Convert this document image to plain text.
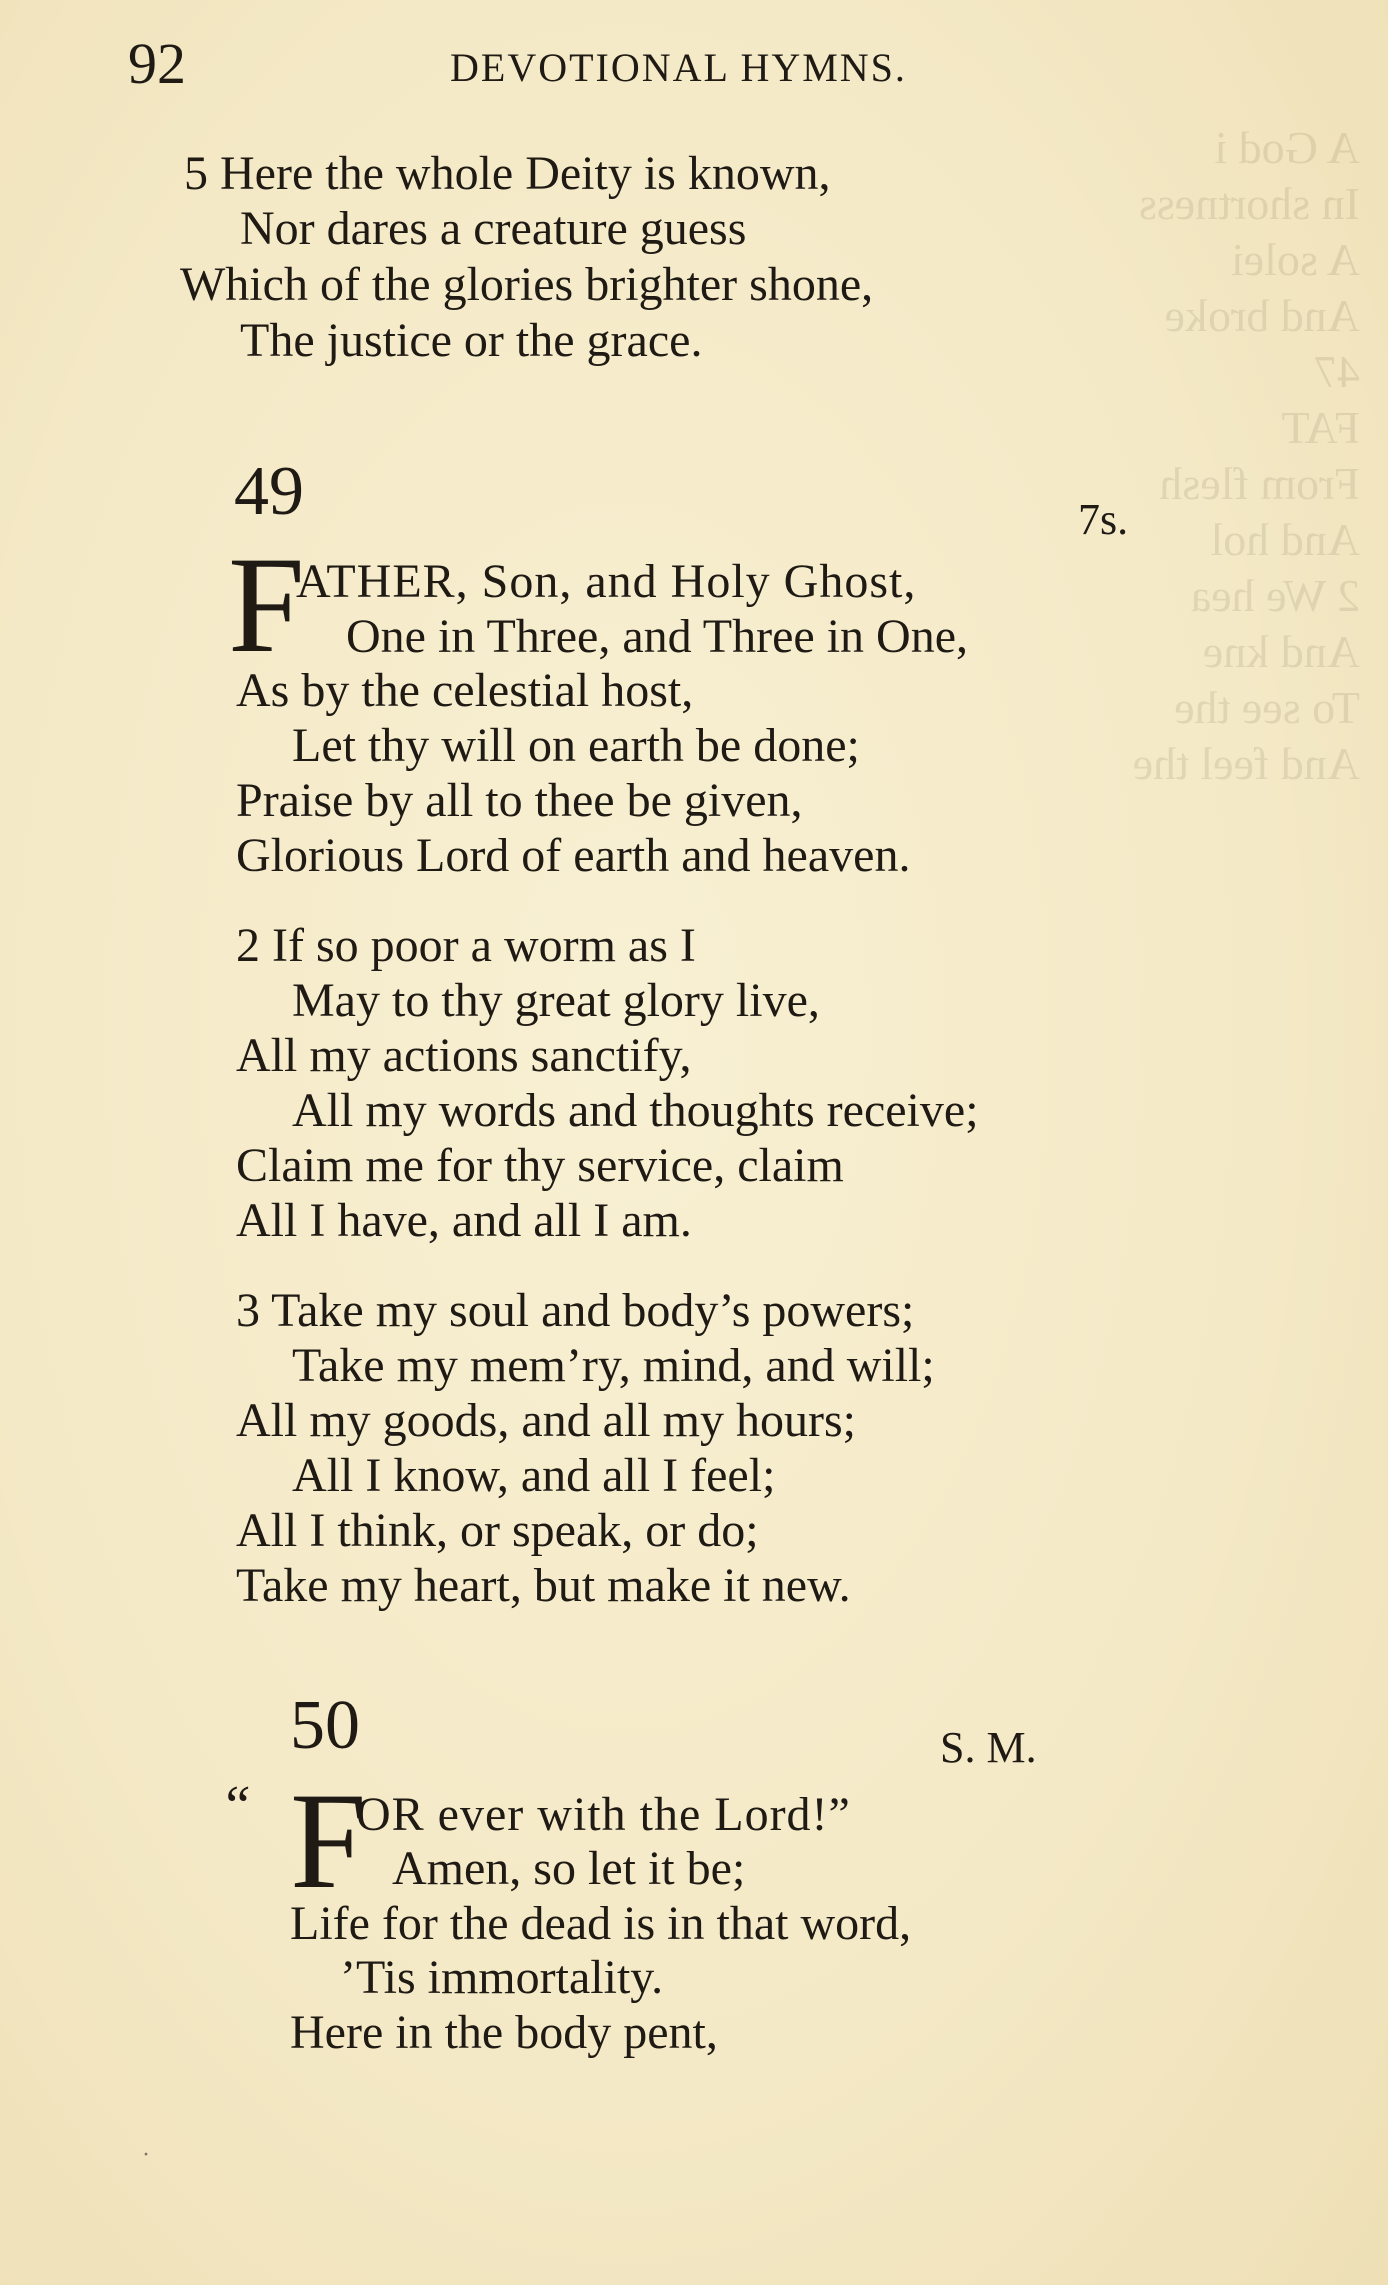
A God i
In shortness
A solei
And broke
47
FAT
From flesh
And hol
2 We hea
And kne
To see the
And feel the
92	DEVOTIONAL HYMNS.
5 Here the whole Deity is known,
Nor dares a creature guess
Which of the glories brighter shone,
The justice or the grace.
49	7s.
F
ATHER, Son, and Holy Ghost,
One in Three, and Three in One,
As by the celestial host,
Let thy will on earth be done;
Praise by all to thee be given,
Glorious Lord of earth and heaven.
2 If so poor a worm as I
May to thy great glory live,
All my actions sanctify,
All my words and thoughts receive;
Claim me for thy service, claim
All I have, and all I am.
3 Take my soul and body’s powers;
Take my mem’ry, mind, and will;
All my goods, and all my hours;
All I know, and all I feel;
All I think, or speak, or do;
Take my heart, but make it new.
50	S. M.
“ F
OR ever with the Lord!”
Amen, so let it be;
Life for the dead is in that word,
’Tis immortality.
Here in the body pent,
·
